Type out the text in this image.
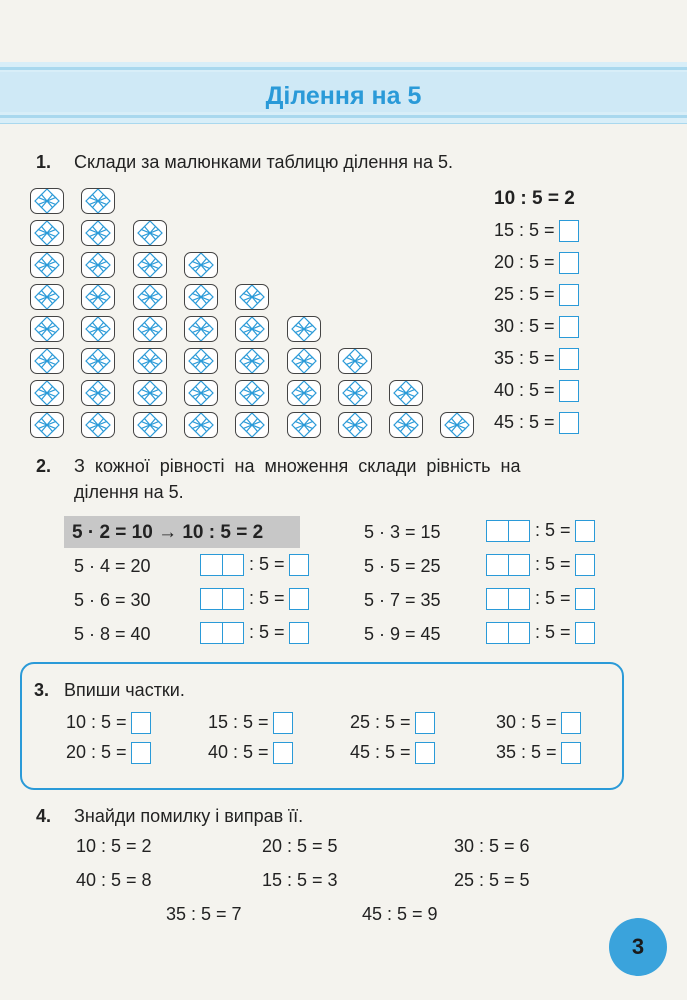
Ділення на 5
1. Склади за малюнками таблицю ділення на 5.
10 : 5 = 2
15 : 5 =
20 : 5 =
25 : 5 =
30 : 5 =
35 : 5 =
40 : 5 =
45 : 5 =
2. З кожної рівності на множення склади рівність на
ділення на 5.
5 · 2 = 10 → 10 : 5 = 2
5 · 4 = 20	: 5 =
5 · 6 = 30	: 5 =
5 · 8 = 40	: 5 =
5 · 3 = 15	: 5 =
5 · 5 = 25	: 5 =
5 · 7 = 35	: 5 =
5 · 9 = 45	: 5 =
3. Впиши частки.
10 : 5 =	15 : 5 =	25 : 5 =	30 : 5 =
20 : 5 =	40 : 5 =	45 : 5 =	35 : 5 =
4. Знайди помилку і виправ її.
10 : 5 = 2	20 : 5 = 5	30 : 5 = 6
40 : 5 = 8	15 : 5 = 3	25 : 5 = 5
35 : 5 = 7	45 : 5 = 9
3
